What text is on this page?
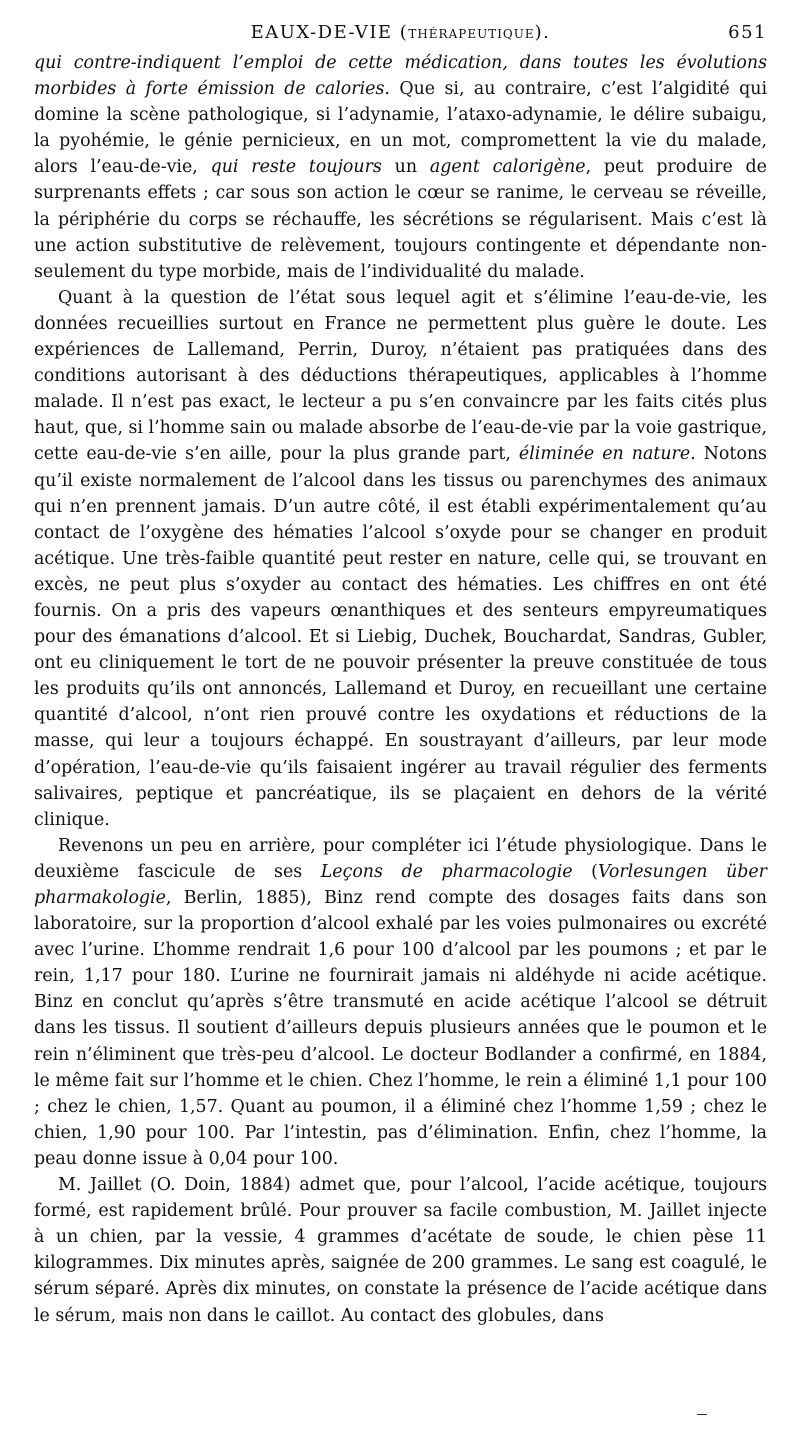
EAUX-DE-VIE (THÉRAPEUTIQUE).	651

qui contre-indiquent l’emploi de cette médication, dans toutes les évolutions morbides à forte émission de calories. Que si, au contraire, c’est l’algidité qui domine la scène pathologique, si l’adynamie, l’ataxo-adynamie, le délire subaigu, la pyohémie, le génie pernicieux, en un mot, compromettent la vie du malade, alors l’eau-de-vie, qui reste toujours un agent calorigène, peut produire de surprenants effets ; car sous son action le cœur se ranime, le cerveau se réveille, la périphérie du corps se réchauffe, les sécrétions se régularisent. Mais c’est là une action substitutive de relèvement, toujours contingente et dépendante non-seulement du type morbide, mais de l’individualité du malade.

Quant à la question de l’état sous lequel agit et s’élimine l’eau-de-vie, les données recueillies surtout en France ne permettent plus guère le doute. Les expériences de Lallemand, Perrin, Duroy, n’étaient pas pratiquées dans des conditions autorisant à des déductions thérapeutiques, applicables à l’homme malade. Il n’est pas exact, le lecteur a pu s’en convaincre par les faits cités plus haut, que, si l’homme sain ou malade absorbe de l’eau-de-vie par la voie gastrique, cette eau-de-vie s’en aille, pour la plus grande part, éliminée en nature. Notons qu’il existe normalement de l’alcool dans les tissus ou parenchymes des animaux qui n’en prennent jamais. D’un autre côté, il est établi expérimentalement qu’au contact de l’oxygène des hématies l’alcool s’oxyde pour se changer en produit acétique. Une très-faible quantité peut rester en nature, celle qui, se trouvant en excès, ne peut plus s’oxyder au contact des hématies. Les chiffres en ont été fournis. On a pris des vapeurs œnanthiques et des senteurs empyreumatiques pour des émanations d’alcool. Et si Liebig, Duchek, Bouchardat, Sandras, Gubler, ont eu cliniquement le tort de ne pouvoir présenter la preuve constituée de tous les produits qu’ils ont annoncés, Lallemand et Duroy, en recueillant une certaine quantité d’alcool, n’ont rien prouvé contre les oxydations et réductions de la masse, qui leur a toujours échappé. En soustrayant d’ailleurs, par leur mode d’opération, l’eau-de-vie qu’ils faisaient ingérer au travail régulier des ferments salivaires, peptique et pancréatique, ils se plaçaient en dehors de la vérité clinique.

Revenons un peu en arrière, pour compléter ici l’étude physiologique. Dans le deuxième fascicule de ses Leçons de pharmacologie (Vorlesungen über pharmakologie, Berlin, 1885), Binz rend compte des dosages faits dans son laboratoire, sur la proportion d’alcool exhalé par les voies pulmonaires ou excrété avec l’urine. L’homme rendrait 1,6 pour 100 d’alcool par les poumons ; et par le rein, 1,17 pour 180. L’urine ne fournirait jamais ni aldéhyde ni acide acétique. Binz en conclut qu’après s’être transmuté en acide acétique l’alcool se détruit dans les tissus. Il soutient d’ailleurs depuis plusieurs années que le poumon et le rein n’éliminent que très-peu d’alcool. Le docteur Bodlander a confirmé, en 1884, le même fait sur l’homme et le chien. Chez l’homme, le rein a éliminé 1,1 pour 100 ; chez le chien, 1,57. Quant au poumon, il a éliminé chez l’homme 1,59 ; chez le chien, 1,90 pour 100. Par l’intestin, pas d’élimination. Enfin, chez l’homme, la peau donne issue à 0,04 pour 100.

M. Jaillet (O. Doin, 1884) admet que, pour l’alcool, l’acide acétique, toujours formé, est rapidement brûlé. Pour prouver sa facile combustion, M. Jaillet injecte à un chien, par la vessie, 4 grammes d’acétate de soude, le chien pèse 11 kilogrammes. Dix minutes après, saignée de 200 grammes. Le sang est coagulé, le sérum séparé. Après dix minutes, on constate la présence de l’acide acétique dans le sérum, mais non dans le caillot. Au contact des globules, dans
